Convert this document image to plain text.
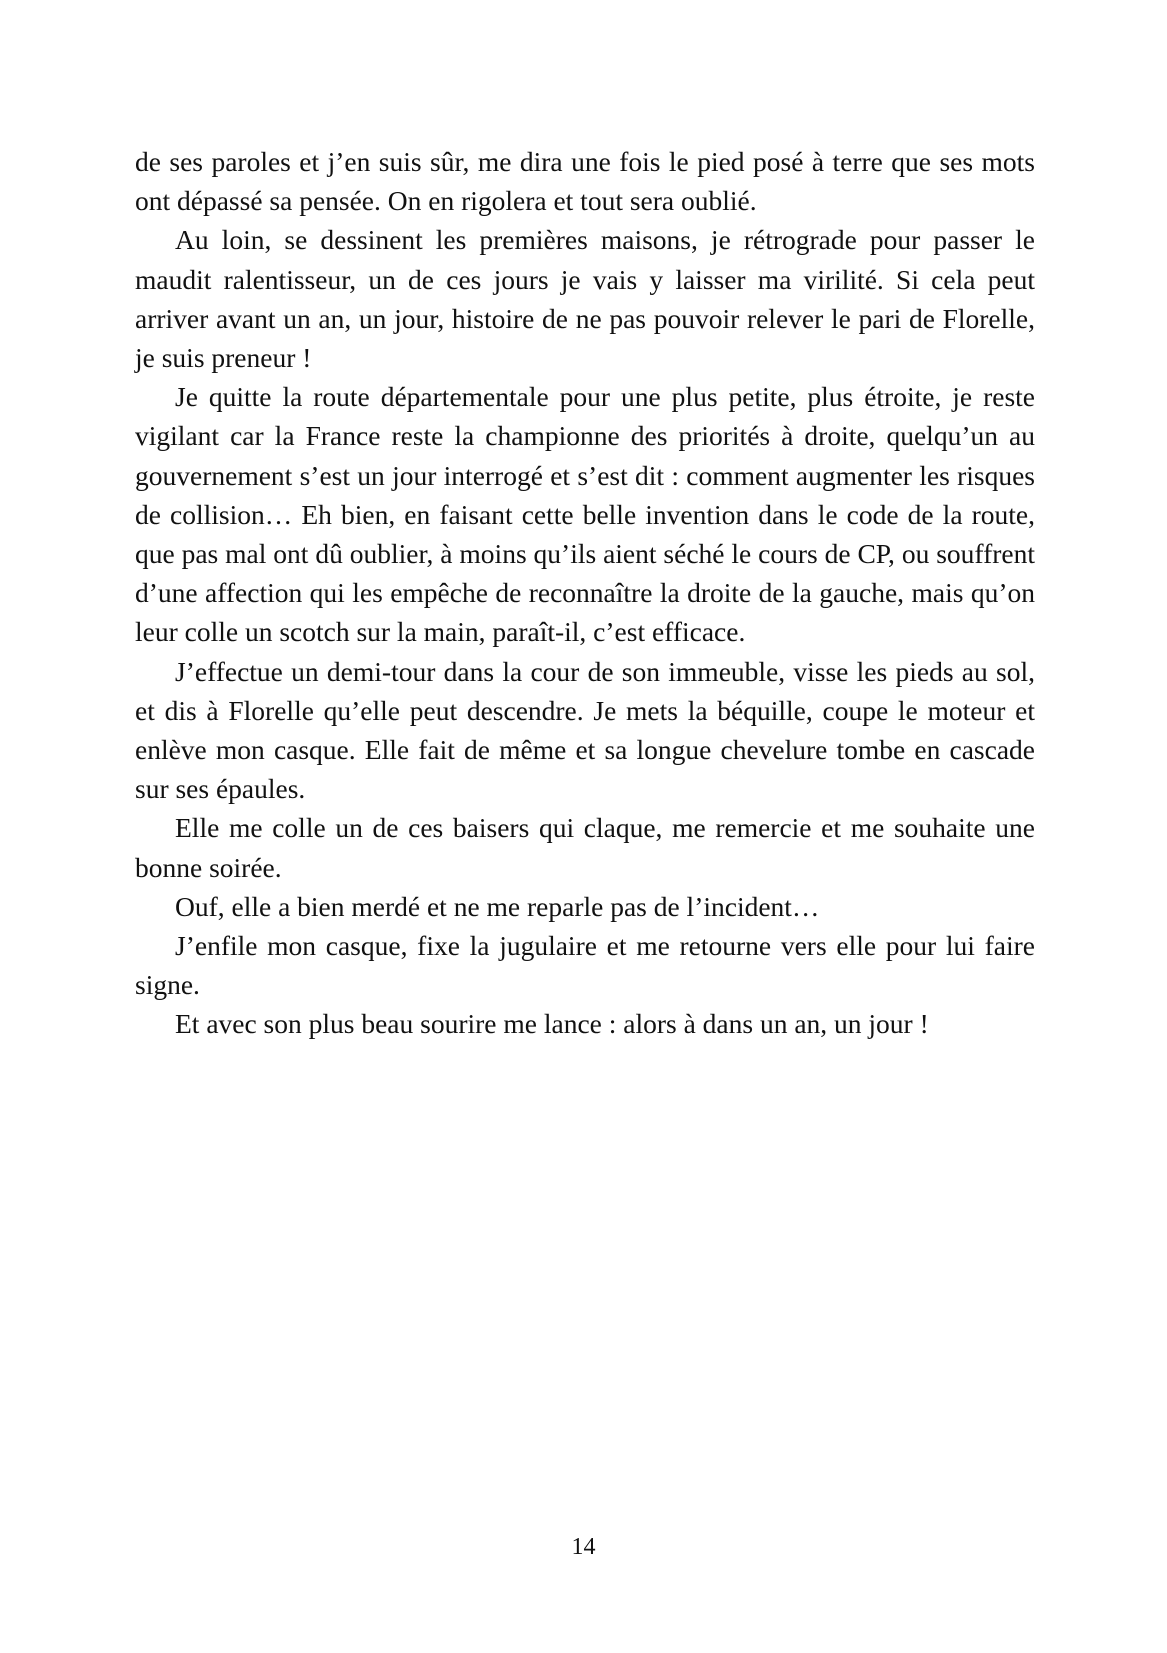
de ses paroles et j’en suis sûr, me dira une fois le pied posé à terre que ses mots ont dépassé sa pensée. On en rigolera et tout sera oublié.

Au loin, se dessinent les premières maisons, je rétrograde pour passer le maudit ralentisseur, un de ces jours je vais y laisser ma virilité. Si cela peut arriver avant un an, un jour, histoire de ne pas pouvoir relever le pari de Florelle, je suis preneur !

Je quitte la route départementale pour une plus petite, plus étroite, je reste vigilant car la France reste la championne des priorités à droite, quelqu’un au gouvernement s’est un jour interrogé et s’est dit : comment augmenter les risques de collision… Eh bien, en faisant cette belle invention dans le code de la route, que pas mal ont dû oublier, à moins qu’ils aient séché le cours de CP, ou souffrent d’une affection qui les empêche de reconnaître la droite de la gauche, mais qu’on leur colle un scotch sur la main, paraît-il, c’est efficace.

J’effectue un demi-tour dans la cour de son immeuble, visse les pieds au sol, et dis à Florelle qu’elle peut descendre. Je mets la béquille, coupe le moteur et enlève mon casque. Elle fait de même et sa longue chevelure tombe en cascade sur ses épaules.

Elle me colle un de ces baisers qui claque, me remercie et me souhaite une bonne soirée.

Ouf, elle a bien merdé et ne me reparle pas de l’incident…

J’enfile mon casque, fixe la jugulaire et me retourne vers elle pour lui faire signe.

Et avec son plus beau sourire me lance : alors à dans un an, un jour !

14
